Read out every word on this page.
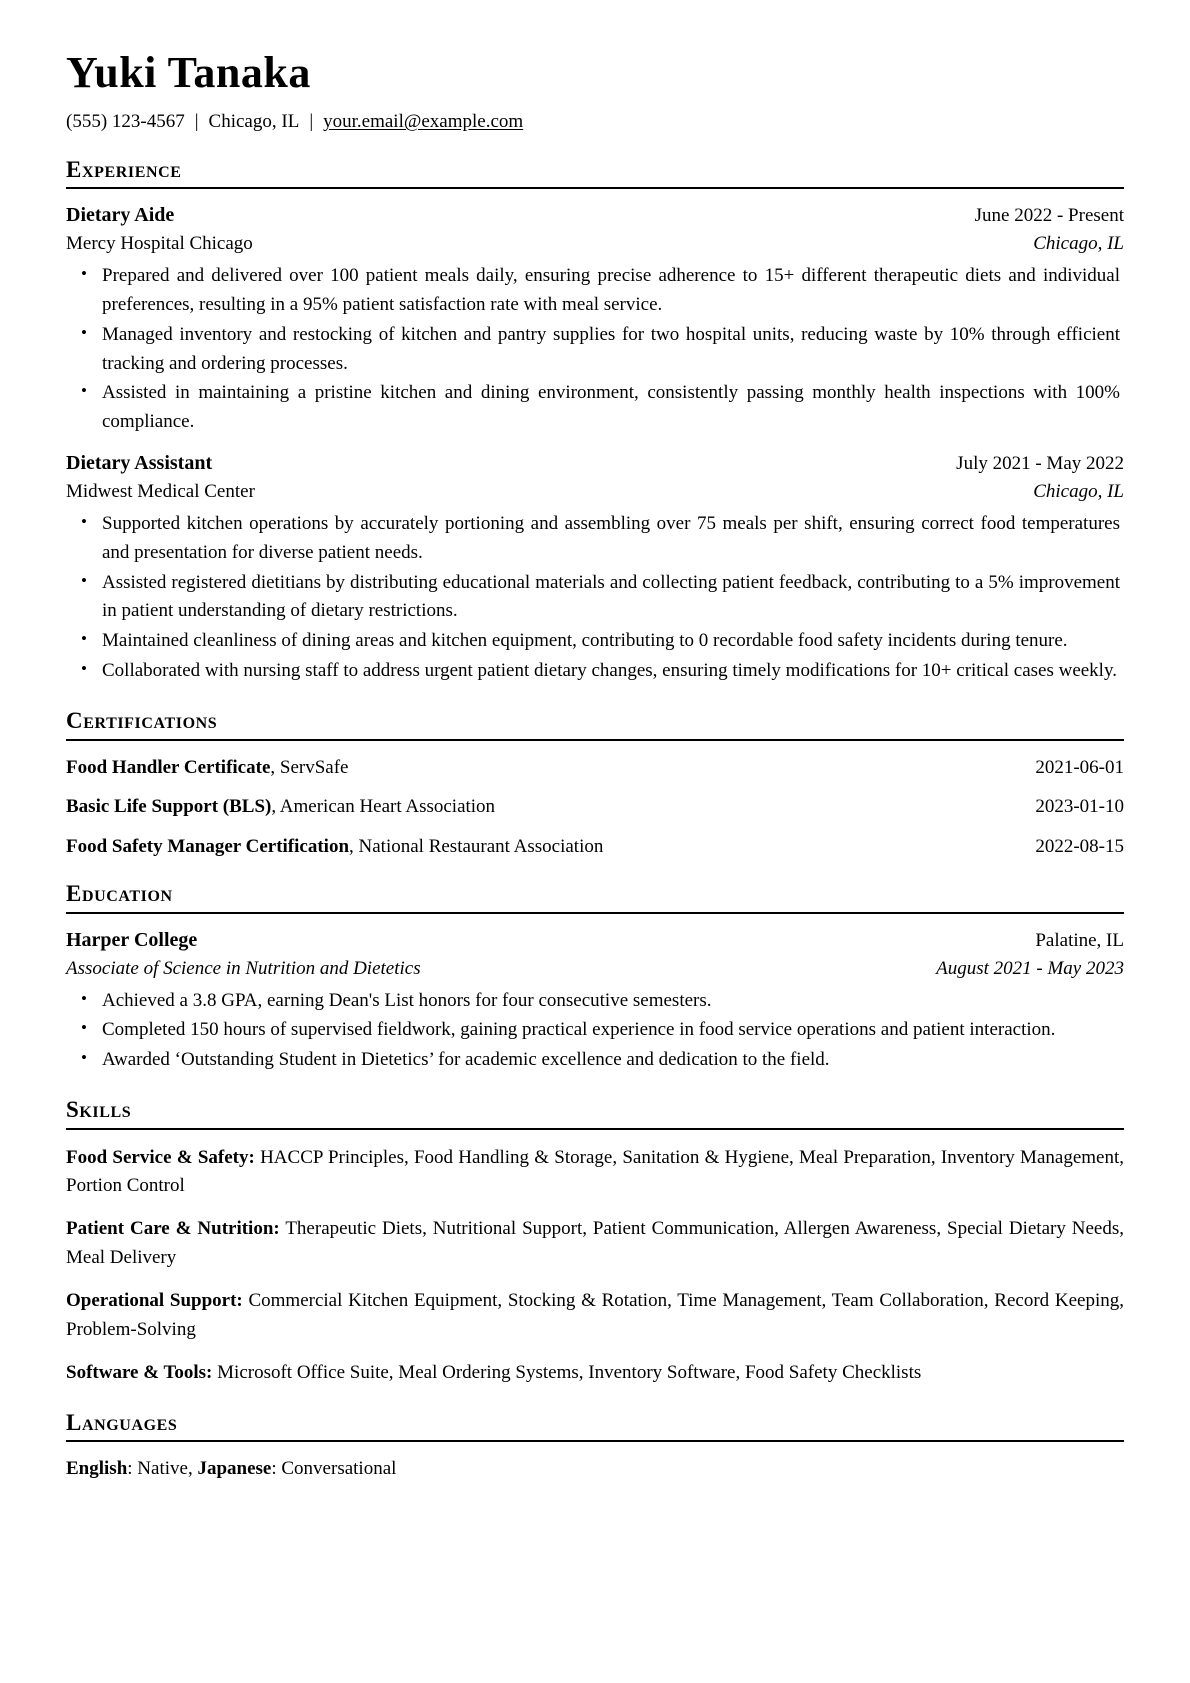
Yuki Tanaka
(555) 123-4567 | Chicago, IL | your.email@example.com
Experience
Dietary Aide	June 2022 - Present
Mercy Hospital Chicago	Chicago, IL
• Prepared and delivered over 100 patient meals daily, ensuring precise adherence to 15+ different therapeutic diets and individual preferences, resulting in a 95% patient satisfaction rate with meal service.
• Managed inventory and restocking of kitchen and pantry supplies for two hospital units, reducing waste by 10% through efficient tracking and ordering processes.
• Assisted in maintaining a pristine kitchen and dining environment, consistently passing monthly health inspections with 100% compliance.
Dietary Assistant	July 2021 - May 2022
Midwest Medical Center	Chicago, IL
• Supported kitchen operations by accurately portioning and assembling over 75 meals per shift, ensuring correct food temperatures and presentation for diverse patient needs.
• Assisted registered dietitians by distributing educational materials and collecting patient feedback, contributing to a 5% improvement in patient understanding of dietary restrictions.
• Maintained cleanliness of dining areas and kitchen equipment, contributing to 0 recordable food safety incidents during tenure.
• Collaborated with nursing staff to address urgent patient dietary changes, ensuring timely modifications for 10+ critical cases weekly.
Certifications
Food Handler Certificate, ServSafe	2021-06-01
Basic Life Support (BLS), American Heart Association	2023-01-10
Food Safety Manager Certification, National Restaurant Association	2022-08-15
Education
Harper College	Palatine, IL
Associate of Science in Nutrition and Dietetics	August 2021 - May 2023
• Achieved a 3.8 GPA, earning Dean's List honors for four consecutive semesters.
• Completed 150 hours of supervised fieldwork, gaining practical experience in food service operations and patient interaction.
• Awarded ‘Outstanding Student in Dietetics’ for academic excellence and dedication to the field.
Skills
Food Service & Safety: HACCP Principles, Food Handling & Storage, Sanitation & Hygiene, Meal Preparation, Inventory Management, Portion Control
Patient Care & Nutrition: Therapeutic Diets, Nutritional Support, Patient Communication, Allergen Awareness, Special Dietary Needs, Meal Delivery
Operational Support: Commercial Kitchen Equipment, Stocking & Rotation, Time Management, Team Collaboration, Record Keeping, Problem-Solving
Software & Tools: Microsoft Office Suite, Meal Ordering Systems, Inventory Software, Food Safety Checklists
Languages
English: Native, Japanese: Conversational
